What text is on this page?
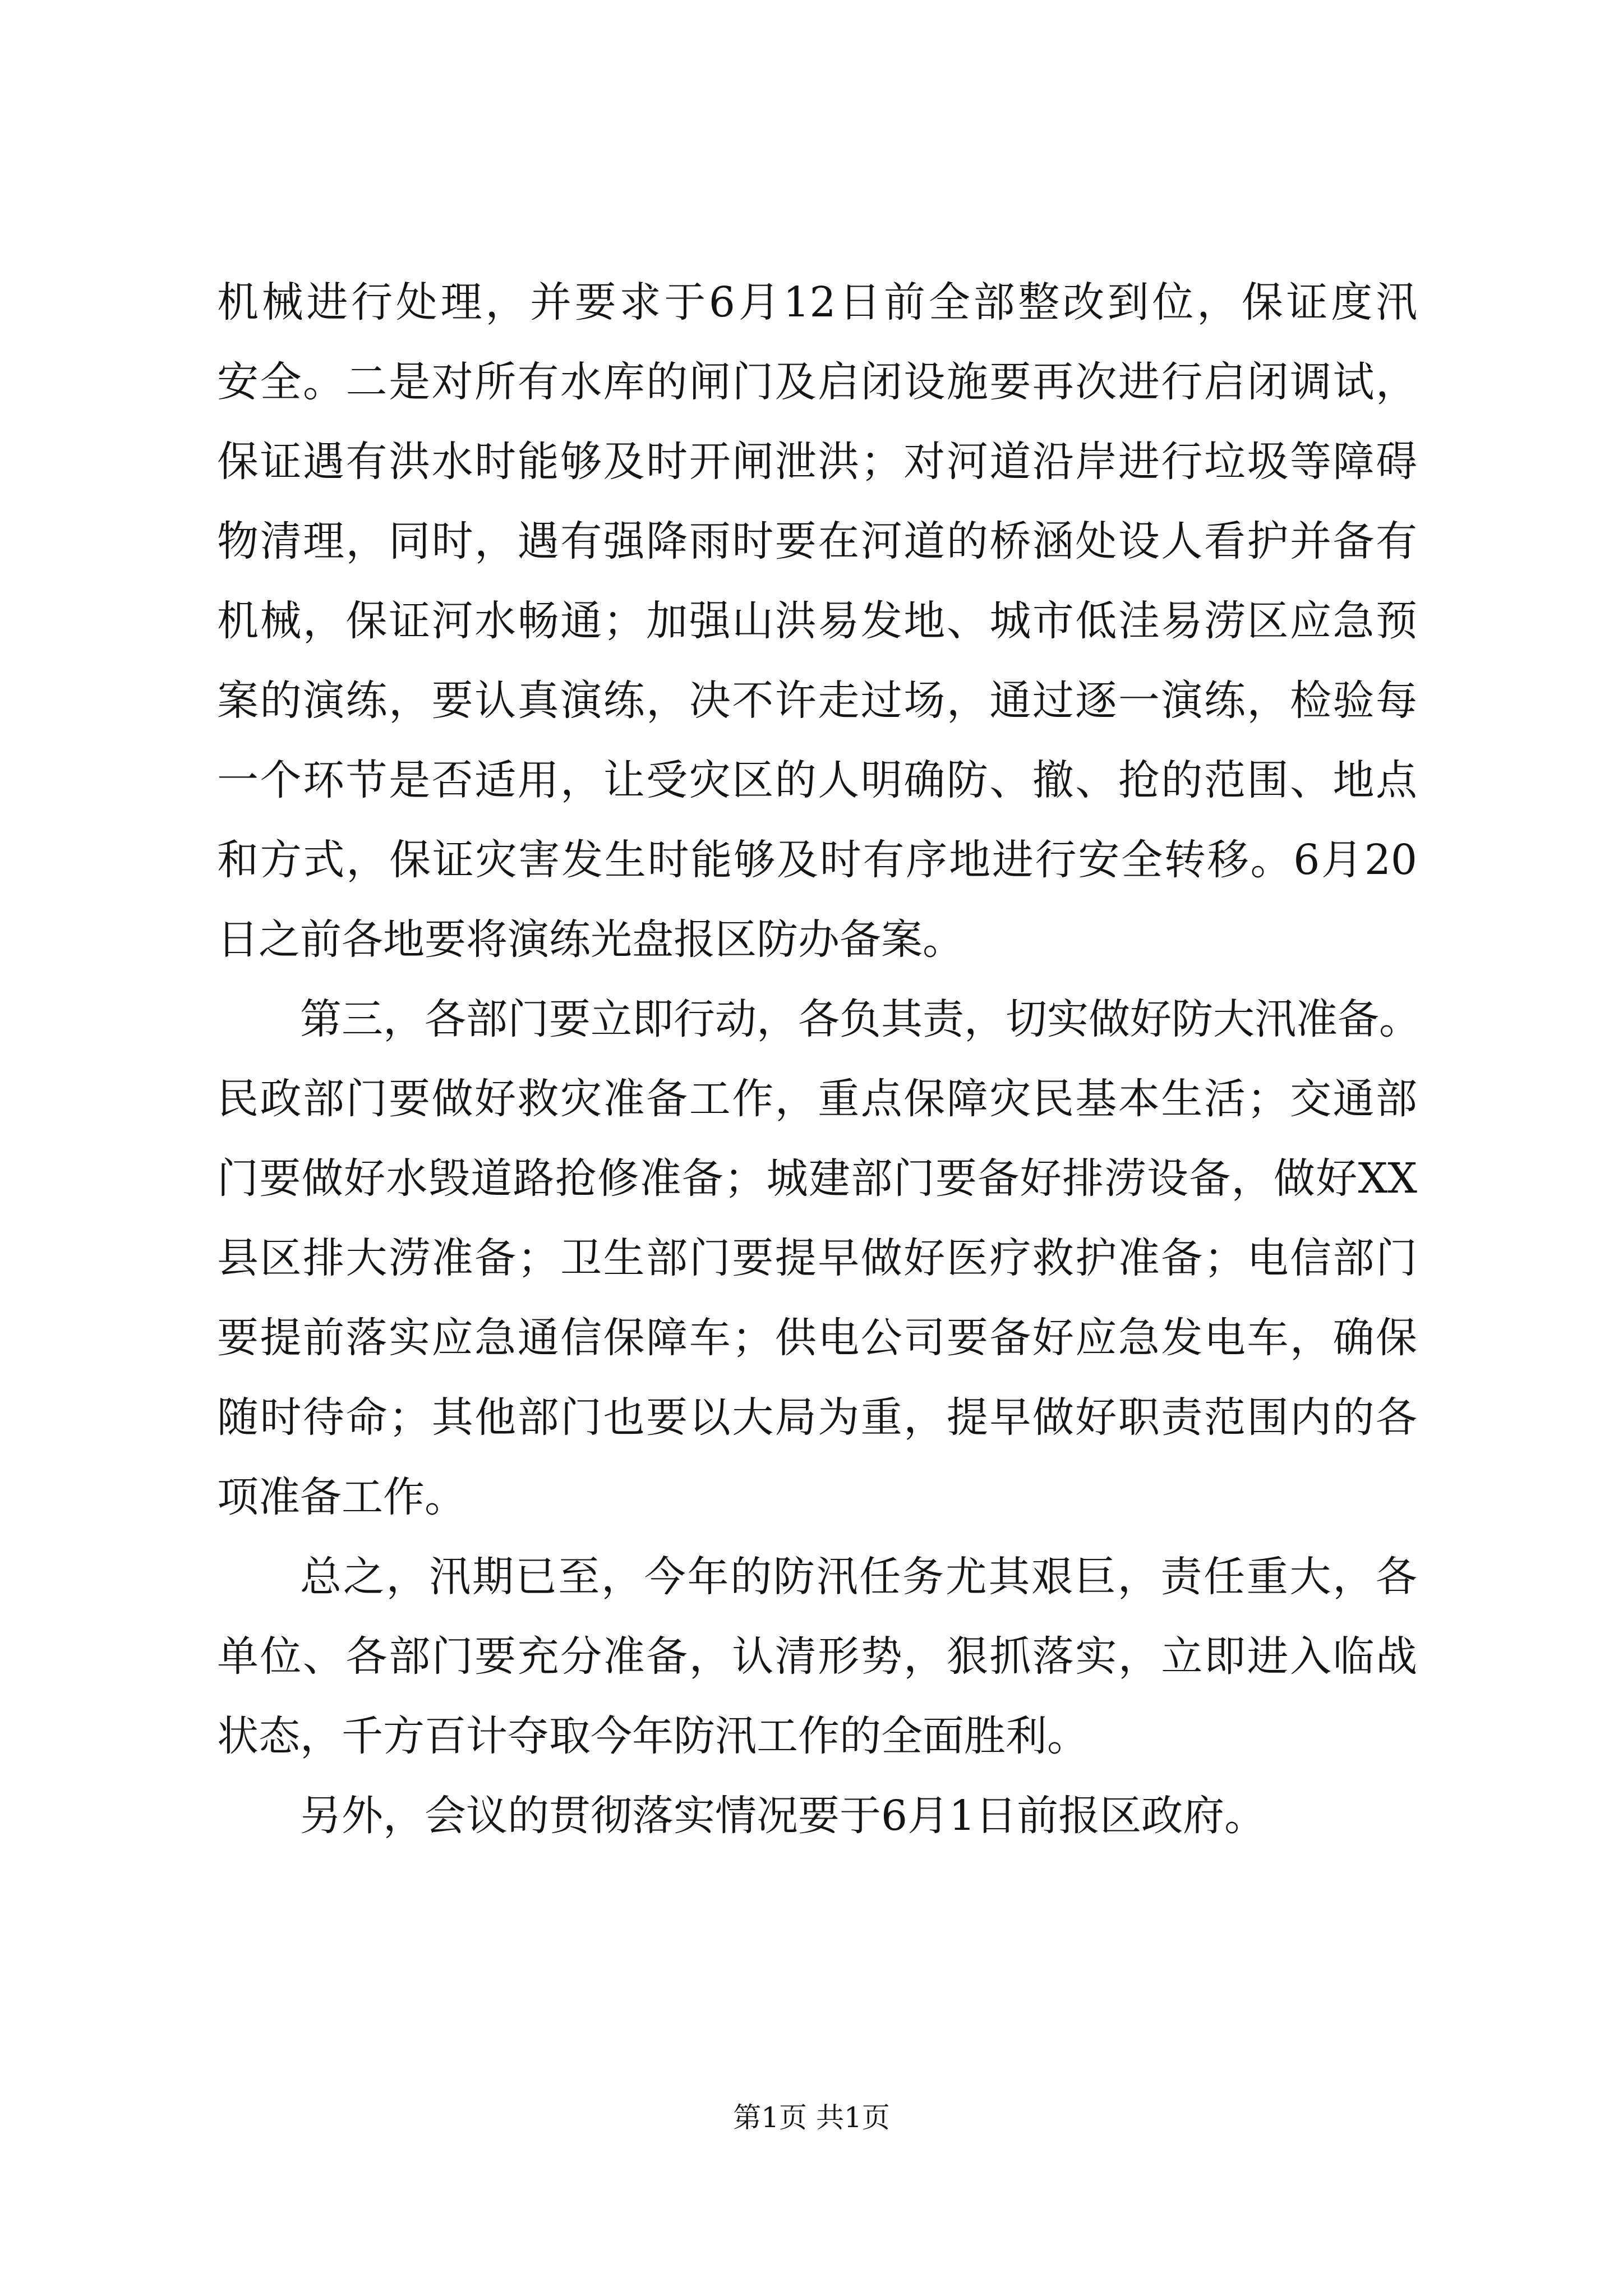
机械进行处理，并要求于6月12日前全部整改到位，保证度汛
安全。二是对所有水库的闸门及启闭设施要再次进行启闭调试，
保证遇有洪水时能够及时开闸泄洪；对河道沿岸进行垃圾等障碍
物清理，同时，遇有强降雨时要在河道的桥涵处设人看护并备有
机械，保证河水畅通；加强山洪易发地、城市低洼易涝区应急预
案的演练，要认真演练，决不许走过场，通过逐一演练，检验每
一个环节是否适用，让受灾区的人明确防、撤、抢的范围、地点
和方式，保证灾害发生时能够及时有序地进行安全转移。6月20
日之前各地要将演练光盘报区防办备案。
第三，各部门要立即行动，各负其责，切实做好防大汛准备。
民政部门要做好救灾准备工作，重点保障灾民基本生活；交通部
门要做好水毁道路抢修准备；城建部门要备好排涝设备，做好XX
县区排大涝准备；卫生部门要提早做好医疗救护准备；电信部门
要提前落实应急通信保障车；供电公司要备好应急发电车，确保
随时待命；其他部门也要以大局为重，提早做好职责范围内的各
项准备工作。
总之，汛期已至，今年的防汛任务尤其艰巨，责任重大，各
单位、各部门要充分准备，认清形势，狠抓落实，立即进入临战
状态，千方百计夺取今年防汛工作的全面胜利。
另外，会议的贯彻落实情况要于6月1日前报区政府。
第1页 共1页
